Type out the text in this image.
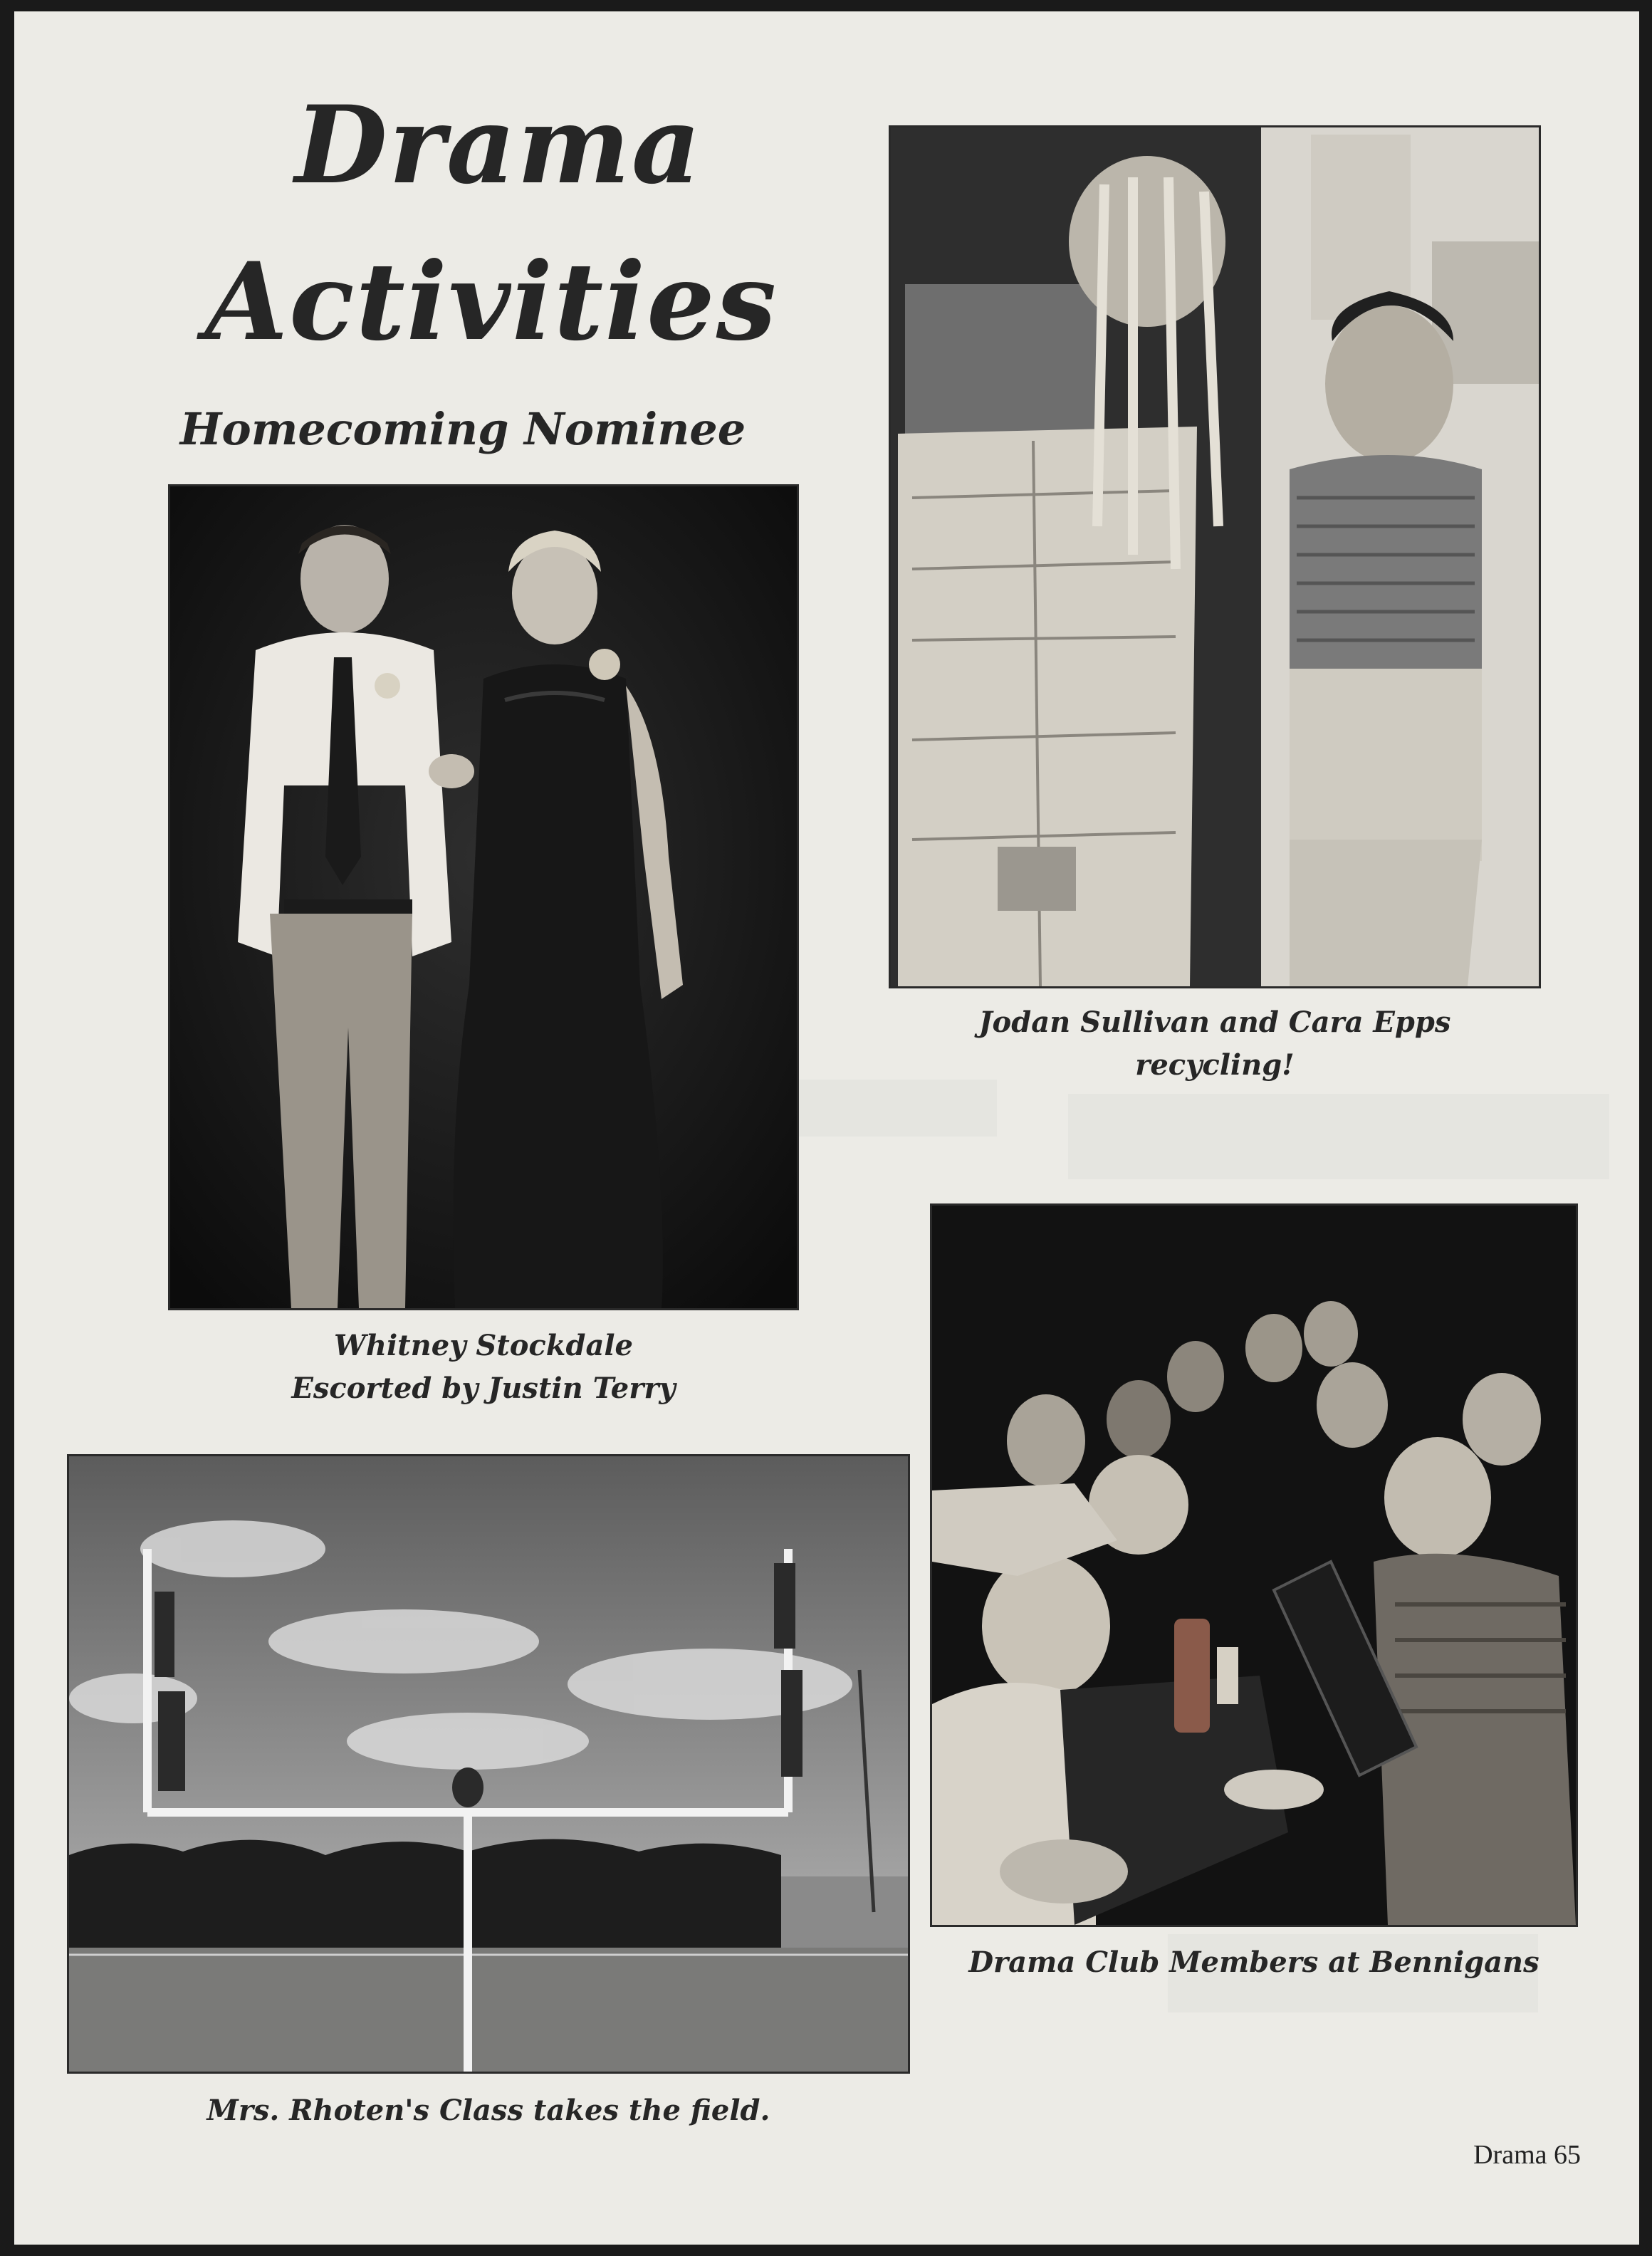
Drama
Activities
Homecoming Nominee
Whitney Stockdale
Escorted by Justin Terry
Jodan Sullivan and Cara Epps
recycling!
Drama Club Members at Bennigans
Mrs. Rhoten's Class takes the field.
Drama 65
